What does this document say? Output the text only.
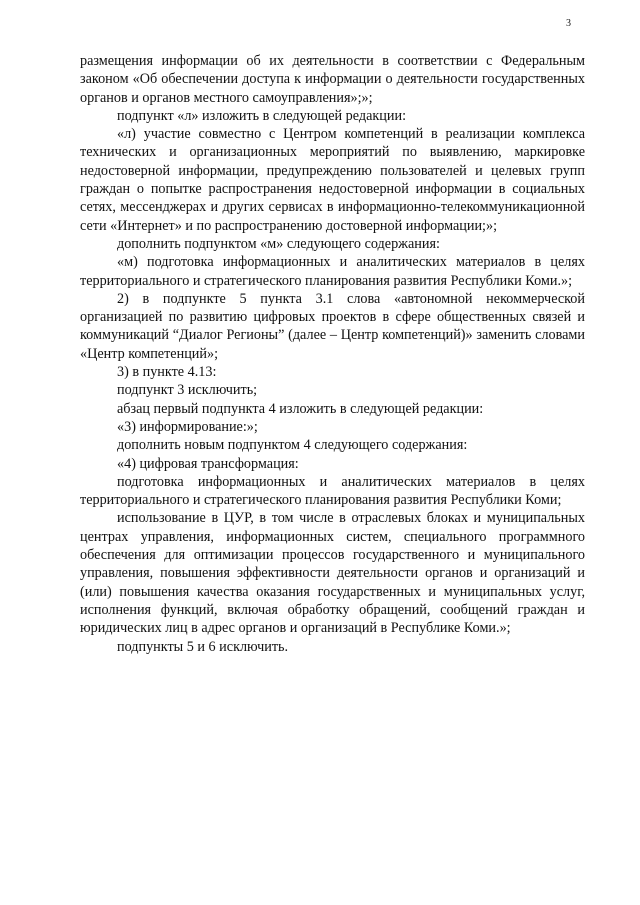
3

размещения информации об их деятельности в соответствии с Федеральным законом «Об обеспечении доступа к информации о деятельности государственных органов и органов местного самоуправления»;»;

подпункт «л» изложить в следующей редакции:

«л) участие совместно с Центром компетенций в реализации комплекса технических и организационных мероприятий по выявлению, маркировке недостоверной информации, предупреждению пользователей и целевых групп граждан о попытке распространения недостоверной информации в социальных сетях, мессенджерах и других сервисах в информационно-телекоммуникационной сети «Интернет» и по распространению достоверной информации;»;

дополнить подпунктом «м» следующего содержания:

«м) подготовка информационных и аналитических материалов в целях территориального и стратегического планирования развития Республики Коми.»;

2) в подпункте 5 пункта 3.1 слова «автономной некоммерческой организацией по развитию цифровых проектов в сфере общественных связей и коммуникаций “Диалог Регионы” (далее – Центр компетенций)» заменить словами «Центр компетенций»;

3) в пункте 4.13:

подпункт 3 исключить;

абзац первый подпункта 4 изложить в следующей редакции:

«3) информирование:»;

дополнить новым подпунктом 4 следующего содержания:

«4) цифровая трансформация:

подготовка информационных и аналитических материалов в целях территориального и стратегического планирования развития Республики Коми;

использование в ЦУР, в том числе в отраслевых блоках и муниципальных центрах управления, информационных систем, специального программного обеспечения для оптимизации процессов государственного и муниципального управления, повышения эффективности деятельности органов и организаций и (или) повышения качества оказания государственных и муниципальных услуг, исполнения функций, включая обработку обращений, сообщений граждан и юридических лиц в адрес органов и организаций в Республике Коми.»;

подпункты 5 и 6 исключить.
